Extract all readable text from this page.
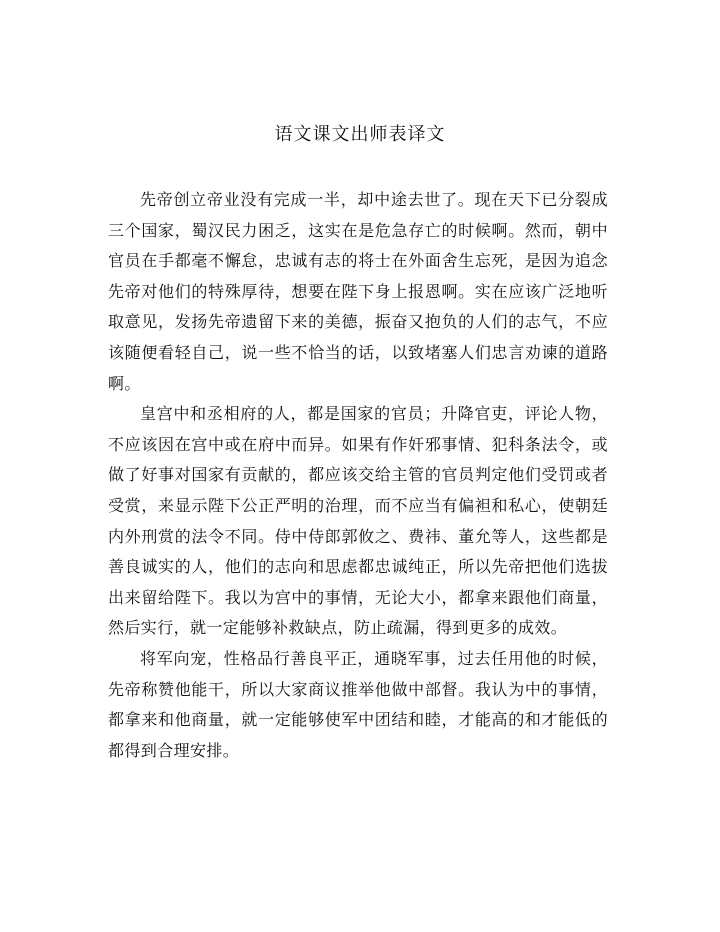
语文课文出师表译文

先帝创立帝业没有完成一半，却中途去世了。现在天下已分裂成三个国家，蜀汉民力困乏，这实在是危急存亡的时候啊。然而，朝中官员在手都毫不懈怠，忠诚有志的将士在外面舍生忘死，是因为追念先帝对他们的特殊厚待，想要在陛下身上报恩啊。实在应该广泛地听取意见，发扬先帝遗留下来的美德，振奋又抱负的人们的志气，不应该随便看轻自己，说一些不恰当的话，以致堵塞人们忠言劝谏的道路啊。

皇宫中和丞相府的人，都是国家的官员；升降官吏，评论人物，不应该因在宫中或在府中而异。如果有作奸邪事情、犯科条法令，或做了好事对国家有贡献的，都应该交给主管的官员判定他们受罚或者受赏，来显示陛下公正严明的治理，而不应当有偏袒和私心，使朝廷内外刑赏的法令不同。侍中侍郎郭攸之、费祎、董允等人，这些都是善良诚实的人，他们的志向和思虑都忠诚纯正，所以先帝把他们选拔出来留给陛下。我以为宫中的事情，无论大小，都拿来跟他们商量，然后实行，就一定能够补救缺点，防止疏漏，得到更多的成效。

将军向宠，性格品行善良平正，通晓军事，过去任用他的时候，先帝称赞他能干，所以大家商议推举他做中部督。我认为中的事情，都拿来和他商量，就一定能够使军中团结和睦，才能高的和才能低的都得到合理安排。
